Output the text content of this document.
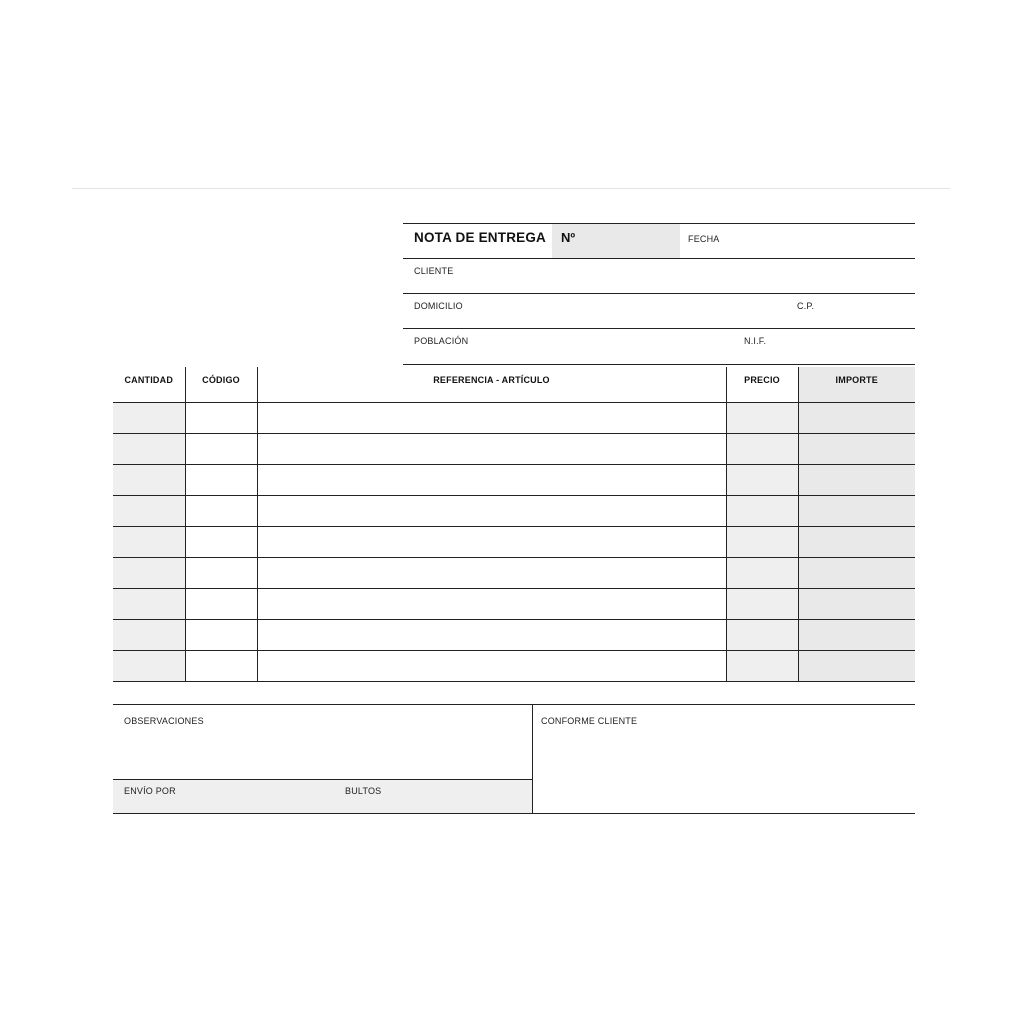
NOTA DE ENTREGA Nº	FECHA
CLIENTE
DOMICILIO	C.P.
POBLACIÓN	N.I.F.
CANTIDAD	CÓDIGO	REFERENCIA - ARTÍCULO	PRECIO	IMPORTE

OBSERVACIONES
ENVÍO POR	BULTOS
CONFORME CLIENTE
